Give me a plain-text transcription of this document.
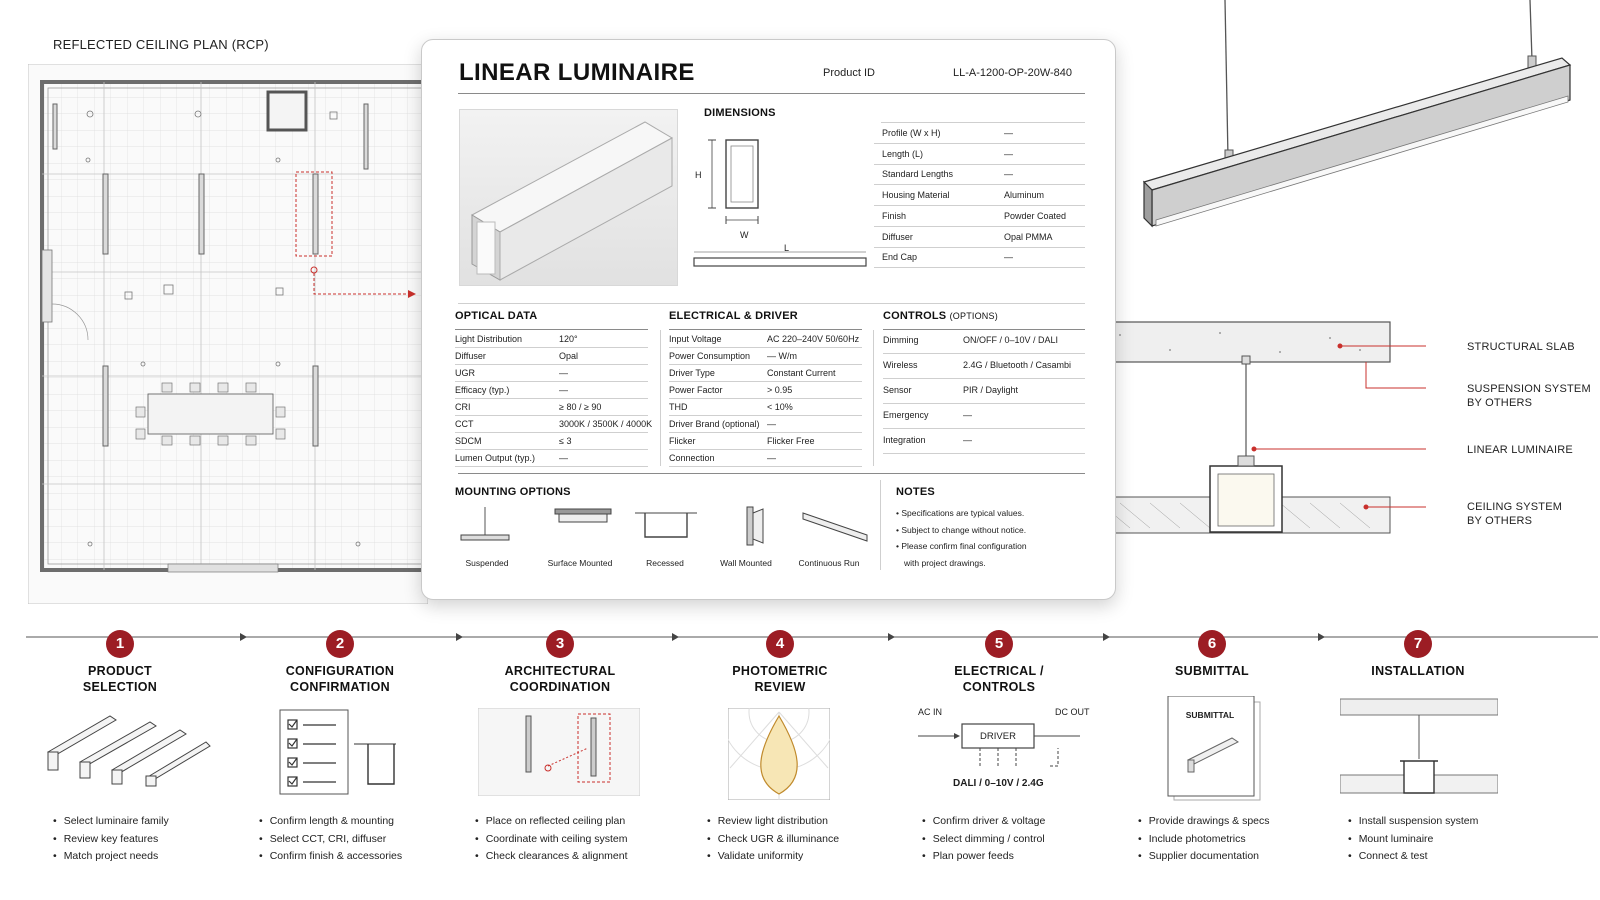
REFLECTED CEILING PLAN (RCP)
STRUCTURAL SLAB
SUSPENSION SYSTEM
BY OTHERS
LINEAR LUMINAIRE
CEILING SYSTEM
BY OTHERS
LINEAR LUMINAIRE	Product ID	LL-A-1200-OP-20W-840
DIMENSIONS
H
W
L
OPTICAL DATA	ELECTRICAL & DRIVER	CONTROLS (OPTIONS)
MOUNTING OPTIONS	NOTES
Profile (W x H)	—
Length (L)	—
Standard Lengths	—
Housing Material	Aluminum
Finish	Powder Coated
Diffuser	Opal PMMA
End Cap	—
Light Distribution	120°
Diffuser	Opal
UGR	—
Efficacy (typ.)	—
CRI	≥ 80 / ≥ 90
CCT	3000K / 3500K / 4000K
SDCM	≤ 3
Lumen Output (typ.)	—
Input Voltage	AC 220–240V 50/60Hz
Power Consumption — W/m
Driver Type	Constant Current
Power Factor	> 0.95
THD	< 10%
Driver Brand (optional) —
Flicker	Flicker Free
Connection	—
Dimming	ON/OFF / 0–10V / DALI
Wireless	2.4G / Bluetooth / Casambi
Sensor	PIR / Daylight
Emergency	—
Integration	—
Suspended	Surface Mounted	Recessed	Wall Mounted	Continuous Run
• Specifications are typical values.
• Subject to change without notice.
• Please confirm final configuration
with project drawings.
1
PRODUCT
SELECTION
• Select luminaire family
• Review key features
• Match project needs
2
CONFIGURATION
CONFIRMATION
• Confirm length & mounting
• Select CCT, CRI, diffuser
• Confirm finish & accessories
3
ARCHITECTURAL
COORDINATION
• Place on reflected ceiling plan
• Coordinate with ceiling system
• Check clearances & alignment
4
PHOTOMETRIC
REVIEW
• Review light distribution
• Check UGR & illuminance
• Validate uniformity
5
ELECTRICAL /
CONTROLS
• Confirm driver & voltage
• Select dimming / control
• Plan power feeds
6
SUBMITTAL
• Provide drawings & specs
• Include photometrics
• Supplier documentation
7
INSTALLATION
• Install suspension system
• Mount luminaire
• Connect & test
AC IN	DC OUT
DRIVER
DALI / 0–10V / 2.4G
SUBMITTAL
